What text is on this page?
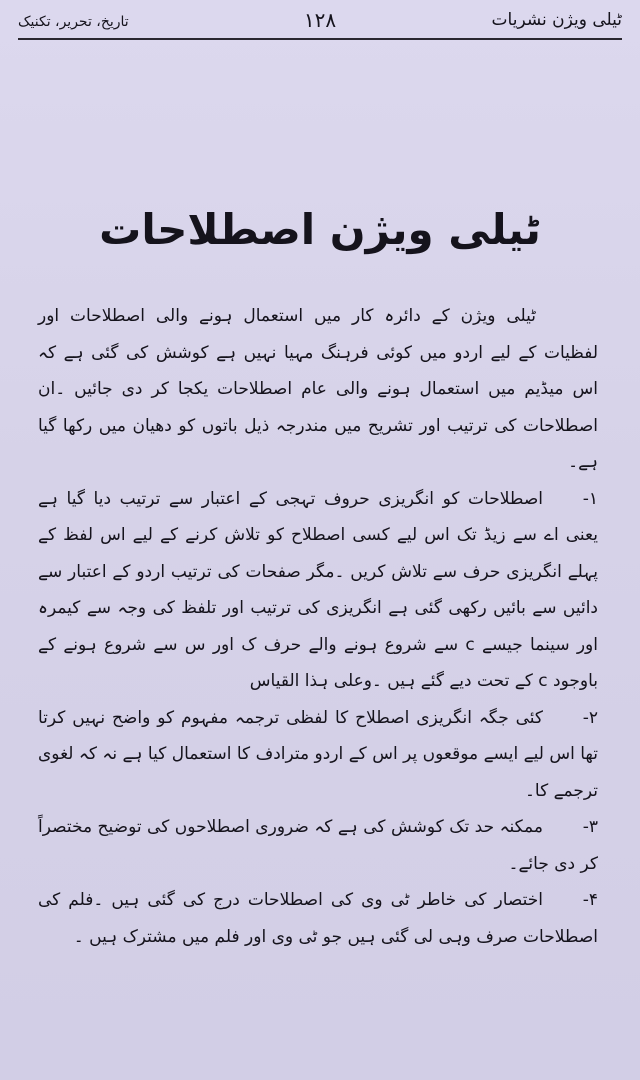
ٹیلی ویژن نشریات
۱۲۸
تاریخ، تحریر، تکنیک
ٹیلی ویژن اصطلاحات

ٹیلی ویژن کے دائرہ کار میں استعمال ہونے والی اصطلاحات اور لفظیات کے لیے اردو میں کوئی فرہنگ مہیا نہیں ہے کوشش کی گئی ہے کہ اس میڈیم میں استعمال ہونے والی عام اصطلاحات یکجا کر دی جائیں ۔ان اصطلاحات کی ترتیب اور تشریح میں مندرجہ ذیل باتوں کو دھیان میں رکھا گیا ہے۔

۱-اصطلاحات کو انگریزی حروف تہجی کے اعتبار سے ترتیب دیا گیا ہے یعنی اے سے زیڈ تک اس لیے کسی اصطلاح کو تلاش کرنے کے لیے اس لفظ کے پہلے انگریزی حرف سے تلاش کریں ۔مگر صفحات کی ترتیب اردو کے اعتبار سے دائیں سے بائیں رکھی گئی ہے انگریزی کی ترتیب اور تلفظ کی وجہ سے کیمرہ اور سینما جیسے c سے شروع ہونے والے حرف ک اور س سے شروع ہونے کے باوجود c کے تحت دیے گئے ہیں ۔وعلی ہذا القیاس

۲-کئی جگہ انگریزی اصطلاح کا لفظی ترجمہ مفہوم کو واضح نہیں کرتا تھا اس لیے ایسے موقعوں پر اس کے اردو مترادف کا استعمال کیا ہے نہ کہ لغوی ترجمے کا۔

۳-ممکنہ حد تک کوشش کی ہے کہ ضروری اصطلاحوں کی توضیح مختصراً کر دی جائے۔

۴-اختصار کی خاطر ٹی وی کی اصطلاحات درج کی گئی ہیں ۔فلم کی اصطلاحات صرف وہی لی گئی ہیں جو ٹی وی اور فلم میں مشترک ہیں ۔
